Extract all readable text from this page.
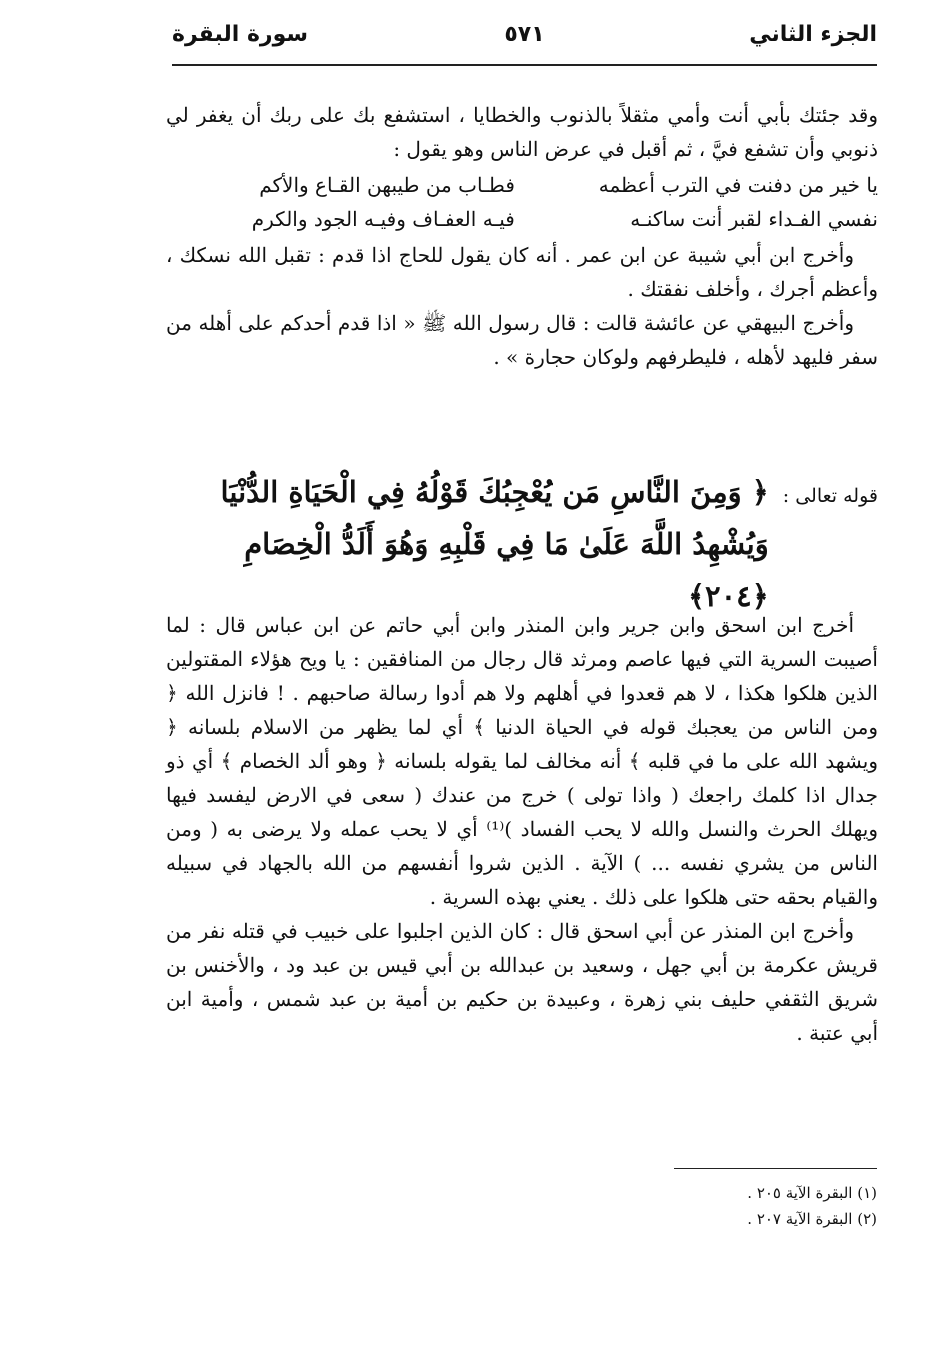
الجزء الثاني
٥٧١
سورة البقرة

وقد جئتك بأبي أنت وأمي مثقلاً بالذنوب والخطايا ، استشفع بك على ربك أن يغفر لي ذنوبي وأن تشفع فيَّ ، ثم أقبل في عرض الناس وهو يقول :

يا خير من دفنت في الترب أعظمه
فطـاب من طيبهن القـاع والأكم
نفسي الفـداء لقبر أنت ساكنـه
فيـه العفـاف وفيـه الجود والكرم

وأخرج ابن أبي شيبة عن ابن عمر . أنه كان يقول للحاج اذا قدم : تقبل الله نسكك ، وأعظم أجرك ، وأخلف نفقتك .

وأخرج البيهقي عن عائشة قالت : قال رسول الله ﷺ « اذا قدم أحدكم على أهله من سفر فليهد لأهله ، فليطرفهم ولوكان حجارة » .

قوله تعالى :
﴿ وَمِنَ النَّاسِ مَن يُعْجِبُكَ قَوْلُهُ فِي الْحَيَاةِ الدُّنْيَا وَيُشْهِدُ اللَّهَ عَلَىٰ مَا فِي قَلْبِهِ وَهُوَ أَلَدُّ الْخِصَامِ ﴿٢٠٤﴾

أخرج ابن اسحق وابن جرير وابن المنذر وابن أبي حاتم عن ابن عباس قال : لما أصيبت السرية التي فيها عاصم ومرثد قال رجال من المنافقين : يا ويح هؤلاء المقتولين الذين هلكوا هكذا ، لا هم قعدوا في أهلهم ولا هم أدوا رسالة صاحبهم . ! فانزل الله ﴿ ومن الناس من يعجبك قوله في الحياة الدنيا ﴾ أي لما يظهر من الاسلام بلسانه ﴿ ويشهد الله على ما في قلبه ﴾ أنه مخالف لما يقوله بلسانه ﴿ وهو ألد الخصام ﴾ أي ذو جدال اذا كلمك راجعك ( واذا تولى ) خرج من عندك ( سعى في الارض ليفسد فيها ويهلك الحرث والنسل والله لا يحب الفساد )⁽¹⁾ أي لا يحب عمله ولا يرضى به ( ومن الناس من يشري نفسه ... ) الآية . الذين شروا أنفسهم من الله بالجهاد في سبيله والقيام بحقه حتى هلكوا على ذلك . يعني بهذه السرية .

وأخرج ابن المنذر عن أبي اسحق قال : كان الذين اجلبوا على خبيب في قتله نفر من قريش عكرمة بن أبي جهل ، وسعيد بن عبدالله بن أبي قيس بن عبد ود ، والأخنس بن شريق الثقفي حليف بني زهرة ، وعبيدة بن حكيم بن أمية بن عبد شمس ، وأمية ابن أبي عتبة .

(١) البقرة الآية ٢٠٥ .
(٢) البقرة الآية ٢٠٧ .
